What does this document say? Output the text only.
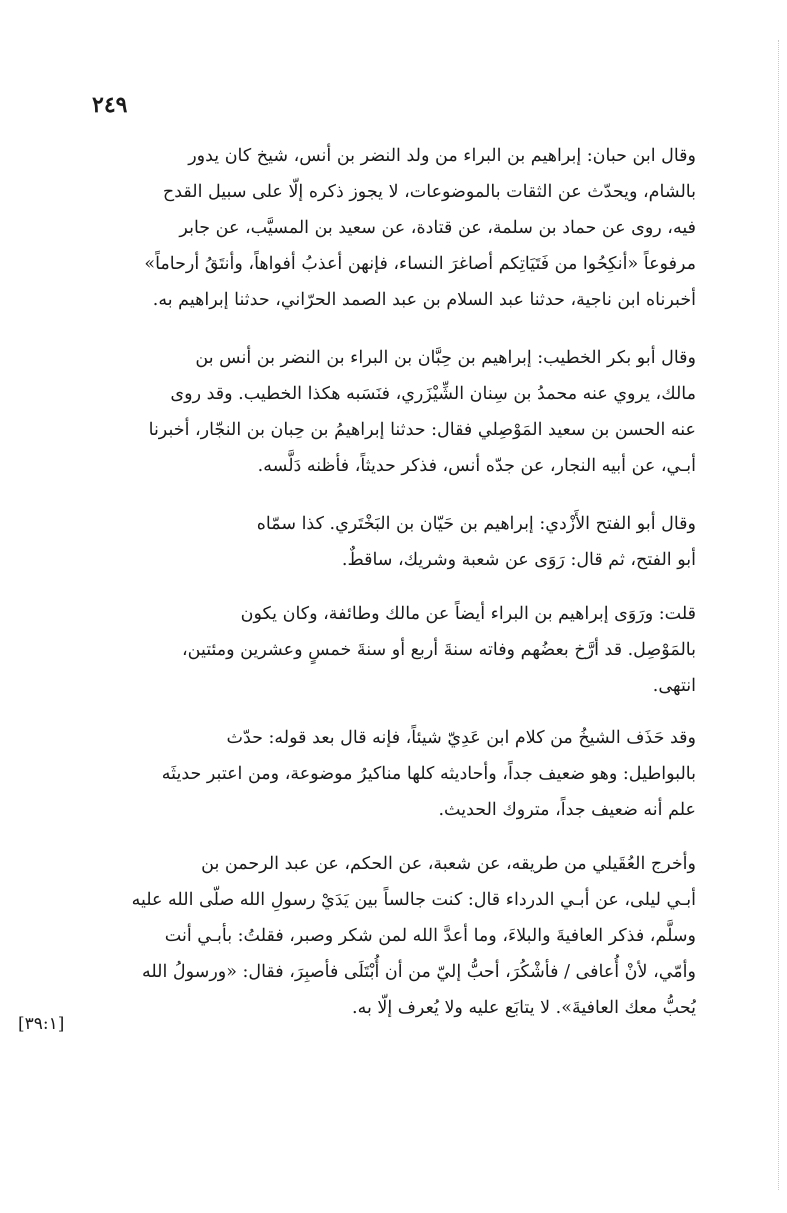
٢٤٩
وقال ابن حبان: إبراهيم بن البراء من ولد النضر بن أنس، شيخ كان يدور
بالشام، ويحدّث عن الثقات بالموضوعات، لا يجوز ذكره إلّا على سبيل القدح
فيه، روى عن حماد بن سلمة، عن قتادة، عن سعيد بن المسيَّب، عن جابر
مرفوعاً «أنكِحُوا من فَتَيَاتِكم أصاغرَ النساء، فإنهن أعذبُ أفواهاً، وأنتَقُ أرحاماً»
أخبرناه ابن ناجية، حدثنا عبد السلام بن عبد الصمد الحرّاني، حدثنا إبراهيم به.
وقال أبو بكر الخطيب: إبراهيم بن حِبَّان بن البراء بن النضر بن أنس بن
مالك، يروي عنه محمدُ بن سِنان الشِّيْزَري، فنَسَبه هكذا الخطيب. وقد روى
عنه الحسن بن سعيد المَوْصِلي فقال: حدثنا إبراهيمُ بن حِبان بن النجّار، أخبرنا
أبـي، عن أبيه النجار، عن جدّه أنس، فذكر حديثاً، فأظنه دَلَّسه.
وقال أبو الفتح الأَزْدي: إبراهيم بن حَيّان بن البَخْتَري. كذا سمّاه
أبو الفتح، ثم قال: رَوَى عن شعبة وشريك، ساقطٌ.
قلت: ورَوَى إبراهيم بن البراء أيضاً عن مالك وطائفة، وكان يكون
بالمَوْصِل. قد أرَّخ بعضُهم وفاته سنةَ أربع أو سنةَ خمسٍ وعشرين ومئتين،
انتهى.
وقد حَذَف الشيخُ من كلام ابن عَدِيّ شيئاً، فإنه قال بعد قوله: حدّث
بالبواطيل: وهو ضعيف جداً، وأحاديثه كلها مناكيرُ موضوعة، ومن اعتبر حديثَه
علم أنه ضعيف جداً، متروك الحديث.
وأخرج العُقَيلي من طريقه، عن شعبة، عن الحكم، عن عبد الرحمن بن
أبـي ليلى، عن أبـي الدرداء قال: كنت جالساً بين يَدَيْ رسولِ الله صلّى الله عليه
وسلَّم، فذكر العافيةَ والبلاءَ، وما أعدَّ الله لمن شكر وصبر، فقلتُ: بأبـي أنت
وأمّي، لأنْ أُعافى / فأشْكُرَ، أحبُّ إليّ من أن أُبْتَلَى فأصبِرَ، فقال: «ورسولُ الله
يُحبُّ معك العافيةَ». لا يتابَع عليه ولا يُعرف إلّا به.
[٣٩:١]
